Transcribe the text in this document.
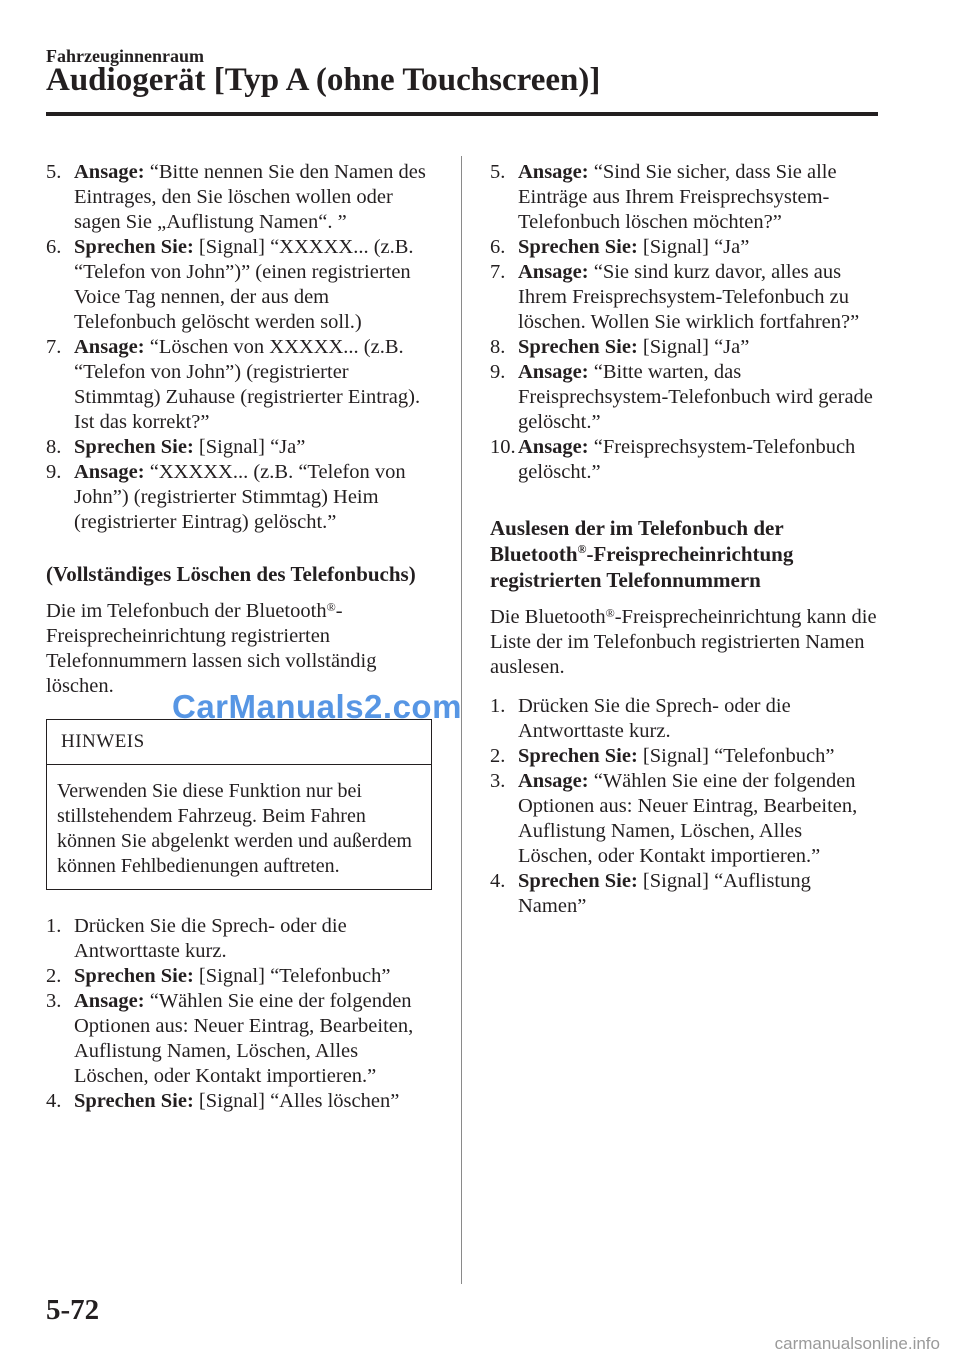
Fahrzeuginnenraum
Audiogerät [Typ A (ohne Touchscreen)]

5. Ansage: “Bitte nennen Sie den Namen des Eintrages, den Sie löschen wollen oder sagen Sie „Auflistung Namen“. ”

6. Sprechen Sie: [Signal] “XXXXX... (z.B. “Telefon von John”)” (einen registrierten Voice Tag nennen, der aus dem Telefonbuch gelöscht werden soll.)

7. Ansage: “Löschen von XXXXX... (z.B. “Telefon von John”) (registrierter Stimmtag) Zuhause (registrierter Eintrag). Ist das korrekt?”

8. Sprechen Sie: [Signal] “Ja”

9. Ansage: “XXXXX... (z.B. “Telefon von John”) (registrierter Stimmtag) Heim (registrierter Eintrag) gelöscht.”

(Vollständiges Löschen des Telefonbuchs)

Die im Telefonbuch der Bluetooth®-Freisprecheinrichtung registrierten Telefonnummern lassen sich vollständig löschen.

HINWEIS
Verwenden Sie diese Funktion nur bei stillstehendem Fahrzeug. Beim Fahren können Sie abgelenkt werden und außerdem können Fehlbedienungen auftreten.

1. Drücken Sie die Sprech- oder die Antworttaste kurz.

2. Sprechen Sie: [Signal] “Telefonbuch”

3. Ansage: “Wählen Sie eine der folgenden Optionen aus: Neuer Eintrag, Bearbeiten, Auflistung Namen, Löschen, Alles Löschen, oder Kontakt importieren.”

4. Sprechen Sie: [Signal] “Alles löschen”

5. Ansage: “Sind Sie sicher, dass Sie alle Einträge aus Ihrem Freisprechsystem-Telefonbuch löschen möchten?”

6. Sprechen Sie: [Signal] “Ja”

7. Ansage: “Sie sind kurz davor, alles aus Ihrem Freisprechsystem-Telefonbuch zu löschen. Wollen Sie wirklich fortfahren?”

8. Sprechen Sie: [Signal] “Ja”

9. Ansage: “Bitte warten, das Freisprechsystem-Telefonbuch wird gerade gelöscht.”

10. Ansage: “Freisprechsystem-Telefonbuch gelöscht.”

Auslesen der im Telefonbuch der Bluetooth®-Freisprecheinrichtung registrierten Telefonnummern

Die Bluetooth®-Freisprecheinrichtung kann die Liste der im Telefonbuch registrierten Namen auslesen.

1. Drücken Sie die Sprech- oder die Antworttaste kurz.

2. Sprechen Sie: [Signal] “Telefonbuch”

3. Ansage: “Wählen Sie eine der folgenden Optionen aus: Neuer Eintrag, Bearbeiten, Auflistung Namen, Löschen, Alles Löschen, oder Kontakt importieren.”

4. Sprechen Sie: [Signal] “Auflistung Namen”

CarManuals2.com
5-72
carmanualsonline.info
